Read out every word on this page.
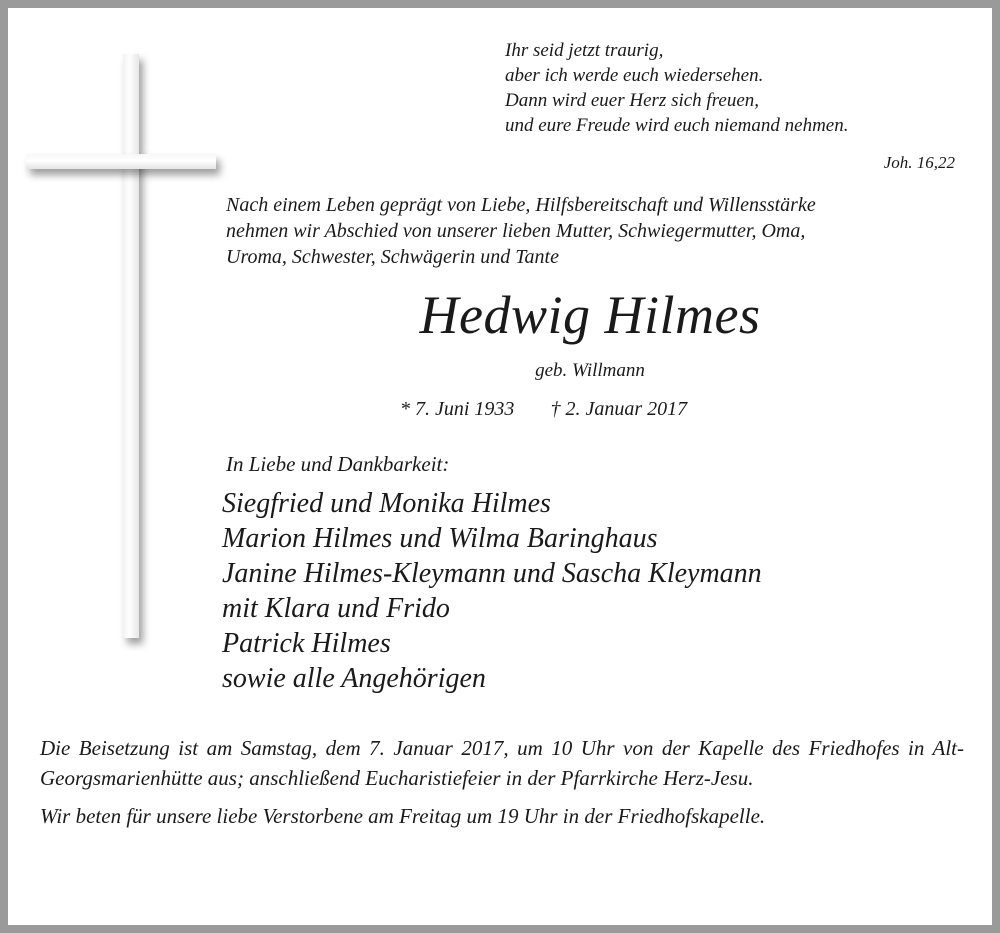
Ihr seid jetzt traurig,
aber ich werde euch wiedersehen.
Dann wird euer Herz sich freuen,
und eure Freude wird euch niemand nehmen.
Joh. 16,22
Nach einem Leben geprägt von Liebe, Hilfsbereitschaft und Willensstärke
nehmen wir Abschied von unserer lieben Mutter, Schwiegermutter, Oma,
Uroma, Schwester, Schwägerin und Tante
Hedwig Hilmes
geb. Willmann
* 7. Juni 1933 † 2. Januar 2017
In Liebe und Dankbarkeit:
Siegfried und Monika Hilmes
Marion Hilmes und Wilma Baringhaus
Janine Hilmes-Kleymann und Sascha Kleymann
mit Klara und Frido
Patrick Hilmes
sowie alle Angehörigen

Die Beisetzung ist am Samstag, dem 7. Januar 2017, um 10 Uhr von der Kapelle des Friedhofes in Alt-Georgsmarienhütte aus; anschließend Eucharistiefeier in der Pfarrkirche Herz-Jesu.

Wir beten für unsere liebe Verstorbene am Freitag um 19 Uhr in der Friedhofskapelle.
